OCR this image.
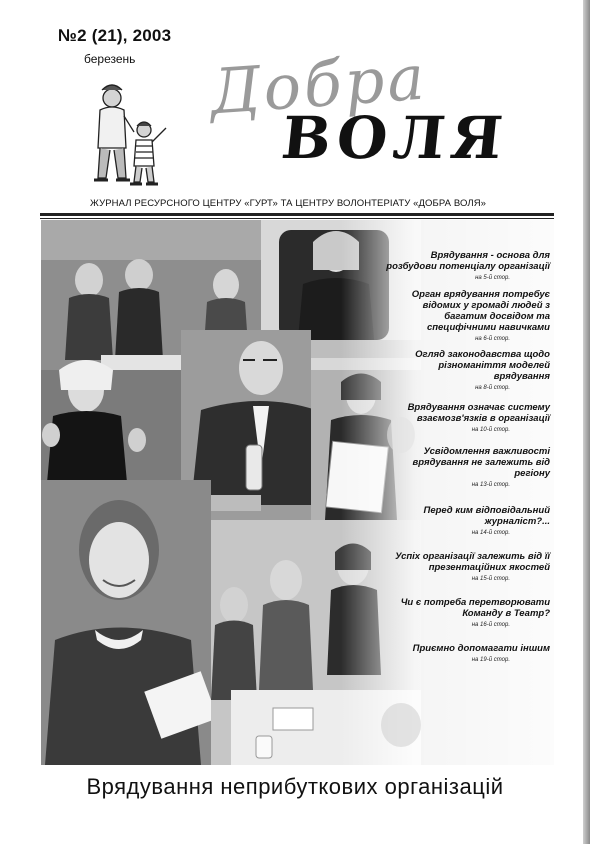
№2 (21), 2003
березень Добра
ВОЛЯ
ЖУРНАЛ РЕСУРСНОГО ЦЕНТРУ «ГУРТ» ТА ЦЕНТРУ ВОЛОНТЕРІАТУ «ДОБРА ВОЛЯ»
Врядування - основа для розбудови потенціалу організації
на 5-й стор.
Орган врядування потребує відомих у громаді людей з багатим досвідом та специфічними навичками
на 6-й стор.
Огляд законодавства щодо різноманіття моделей врядування
на 8-й стор.
Врядування означає систему взаємозв'язків в організації
на 10-й стор.
Усвідомлення важливості врядування не залежить від регіону
на 13-й стор.
Перед ким відповідальний журналіст?...
на 14-й стор.
Успіх організації залежить від її презентаційних якостей
на 15-й стор.
Чи є потреба перетворювати Команду в Театр?
на 16-й стор.
Приємно допомагати іншим
на 19-й стор.
Врядування неприбуткових організацій
